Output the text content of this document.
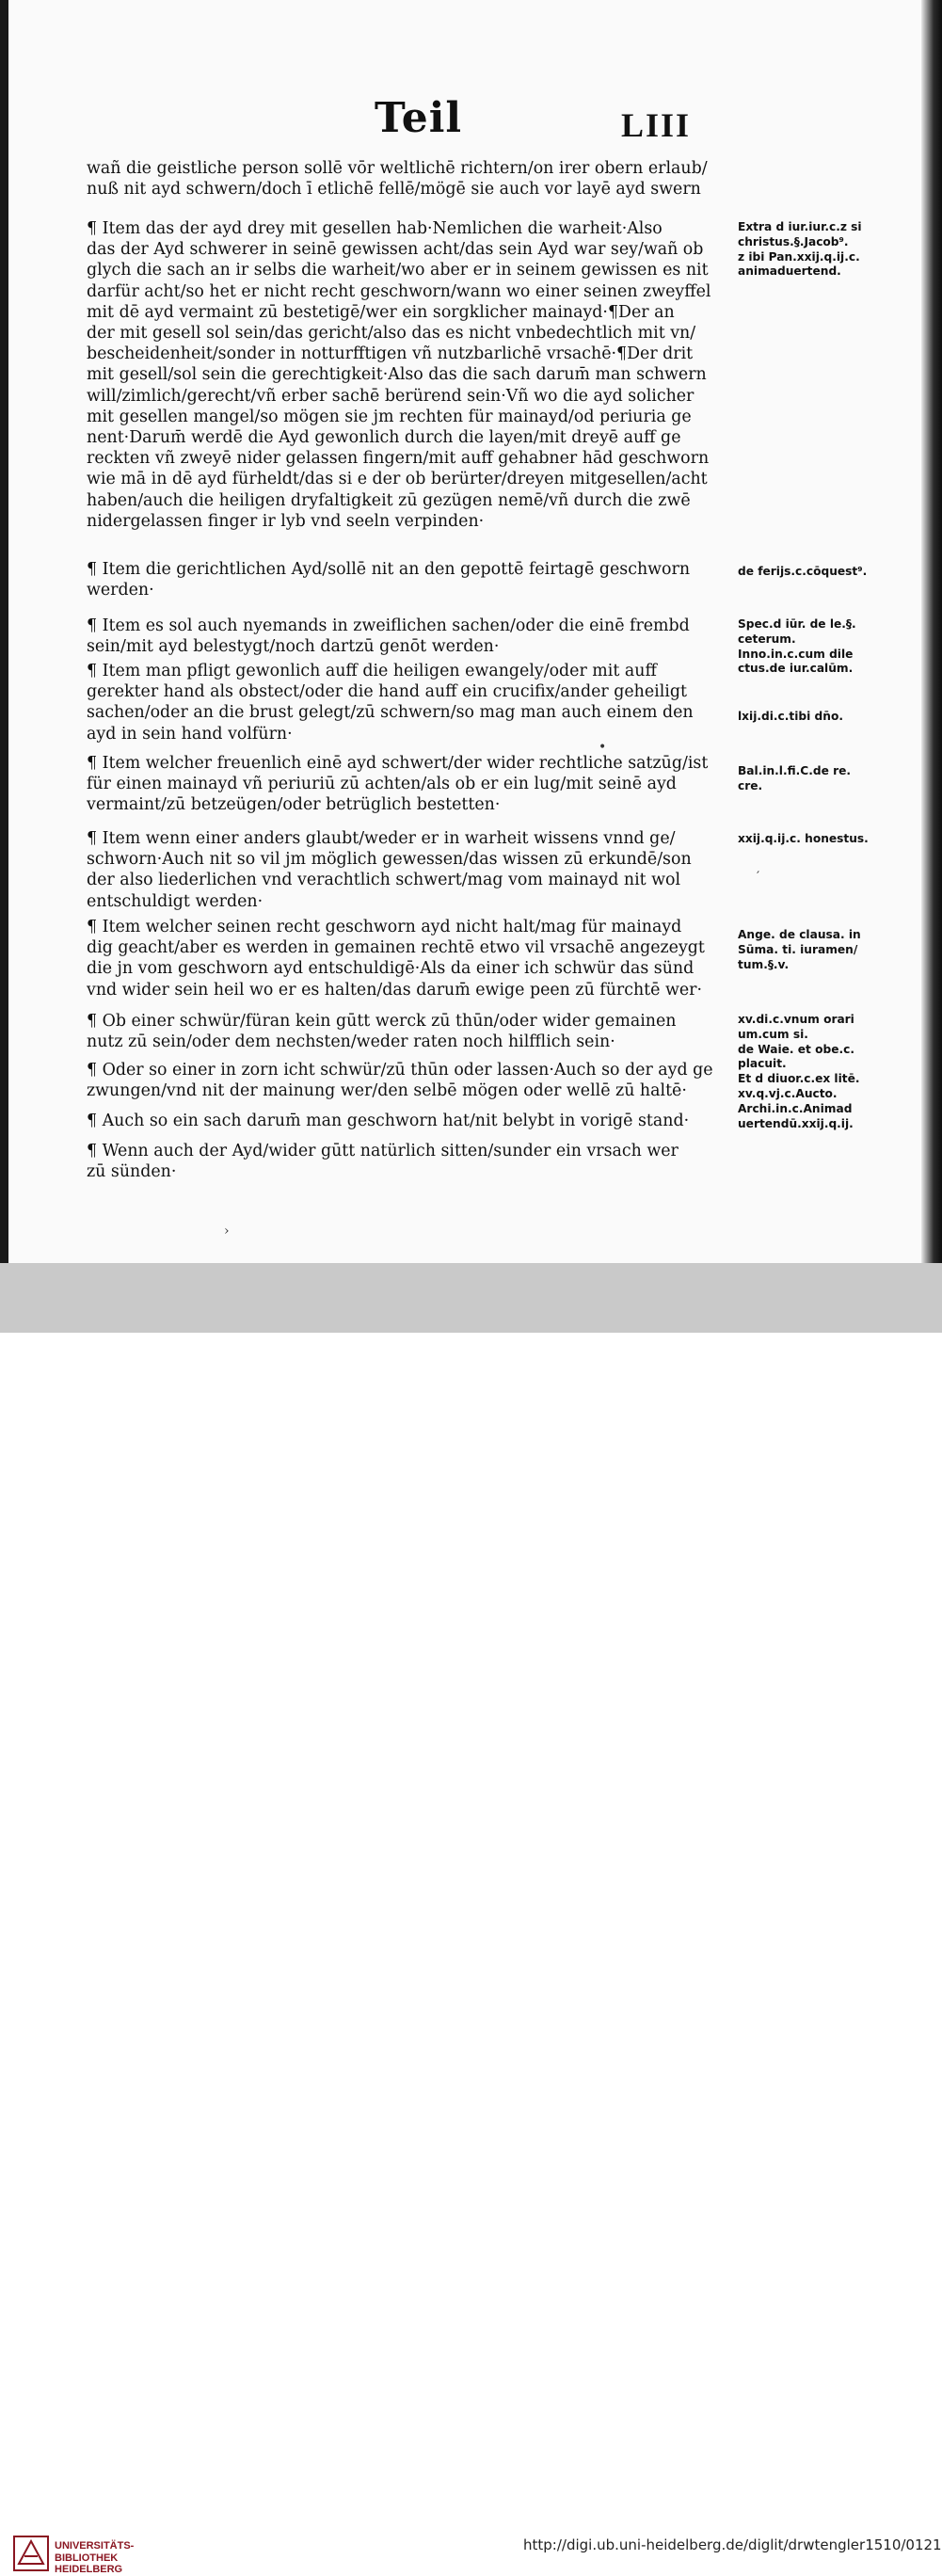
Teil	LIII
wañ die geistliche person sollē vōr weltlichē richtern/on irer obern erlaub/
nuß nit ayd schwern/doch ī etlichē fellē/mögē sie auch vor layē ayd swern
¶ Item das der ayd drey mit gesellen hab·Nemlichen die warheit·Also
das der Ayd schwerer in seinē gewissen acht/das sein Ayd war sey/wañ ob
glych die sach an ir selbs die warheit/wo aber er in seinem gewissen es nit
darfür acht/so het er nicht recht geschworn/wann wo einer seinen zweyffel
mit dē ayd vermaint zū bestetigē/wer ein sorgklicher mainayd·¶Der an
der mit gesell sol sein/das gericht/also das es nicht vnbedechtlich mit vn/
bescheidenheit/sonder in notturfftigen vñ nutzbarlichē vrsachē·¶Der drit
mit gesell/sol sein die gerechtigkeit·Also das die sach darum̄ man schwern
will/zimlich/gerecht/vñ erber sachē berürend sein·Vñ wo die ayd solicher
mit gesellen mangel/so mögen sie jm rechten für mainayd/od periuria ge
nent·Darum̄ werdē die Ayd gewonlich durch die layen/mit dreyē auff ge
reckten vñ zweyē nider gelassen fingern/mit auff gehabner hād geschworn
wie mā in dē ayd fürheldt/das si e der ob berürter/dreyen mitgesellen/acht
haben/auch die heiligen dryfaltigkeit zū gezügen nemē/vñ durch die zwē
nidergelassen finger ir lyb vnd seeln verpinden·
¶ Item die gerichtlichen Ayd/sollē nit an den gepottē feirtagē geschworn
werden·
¶ Item es sol auch nyemands in zweiflichen sachen/oder die einē frembd
sein/mit ayd belestygt/noch dartzū genōt werden·
¶ Item man pfligt gewonlich auff die heiligen ewangely/oder mit auff
gerekter hand als obstect/oder die hand auff ein crucifix/ander geheiligt
sachen/oder an die brust gelegt/zū schwern/so mag man auch einem den
ayd in sein hand volfürn·
¶ Item welcher freuenlich einē ayd schwert/der wider rechtliche satzūg/ist
für einen mainayd vñ periuriū zū achten/als ob er ein lug/mit seinē ayd
vermaint/zū betzeügen/oder betrüglich bestetten·
¶ Item wenn einer anders glaubt/weder er in warheit wissens vnnd ge/
schworn·Auch nit so vil jm möglich gewessen/das wissen zū erkundē/son
der also liederlichen vnd verachtlich schwert/mag vom mainayd nit wol
entschuldigt werden·
¶ Item welcher seinen recht geschworn ayd nicht halt/mag für mainayd
dig geacht/aber es werden in gemainen rechtē etwo vil vrsachē angezeygt
die jn vom geschworn ayd entschuldigē·Als da einer ich schwür das sünd
vnd wider sein heil wo er es halten/das darum̄ ewige peen zū fürchtē wer·
¶ Ob einer schwür/füran kein gūtt werck zū thūn/oder wider gemainen
nutz zū sein/oder dem nechsten/weder raten noch hilfflich sein·
¶ Oder so einer in zorn icht schwür/zū thūn oder lassen·Auch so der ayd ge
zwungen/vnd nit der mainung wer/den selbē mögen oder wellē zū haltē·
¶ Auch so ein sach darum̄ man geschworn hat/nit belybt in vorigē stand·
¶ Wenn auch der Ayd/wider gūtt natürlich sitten/sunder ein vrsach wer
zū sünden·
Extra d iur.iur.c.z si
christus.§.Jacob⁹.
z ibi Pan.xxij.q.ij.c.
animaduertend.
de ferijs.c.cōquest⁹.
Spec.d iūr. de le.§.
ceterum.
Inno.in.c.cum dile
ctus.de iur.calūm.
lxij.di.c.tibi dn̄o.
Bal.in.l.fi.C.de re.
cre.
xxij.q.ij.c. honestus.
Ange. de clausa. in
Sūma. ti. iuramen/
tum.§.v.
xv.di.c.vnum orari
um.cum si.
de Waie. et obe.c.
placuit.
Et d diuor.c.ex litē.
xv.q.vj.c.Aucto.
Archi.in.c.Animad
uertendū.xxij.q.ij.
•
′
›
UNIVERSITÄTS-
BIBLIOTHEK
HEIDELBERG
http://digi.ub.uni-heidelberg.de/diglit/drwtengler1510/0121
